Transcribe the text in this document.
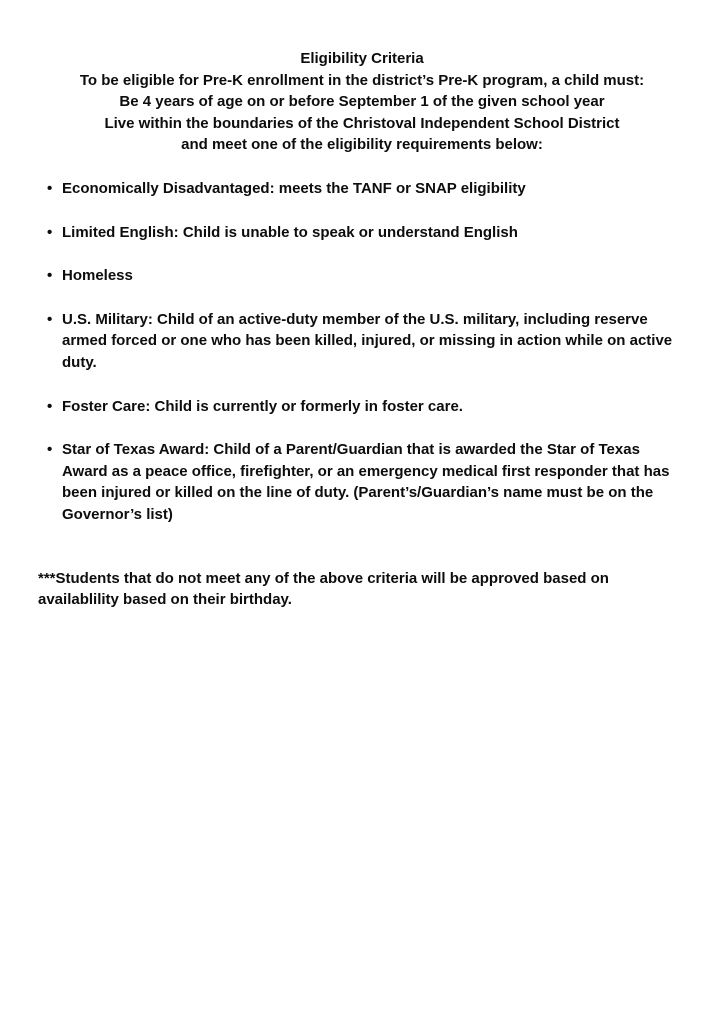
Eligibility Criteria
To be eligible for Pre-K enrollment in the district’s Pre-K program, a child must:
Be 4 years of age on or before September 1 of the given school year
Live within the boundaries of the Christoval Independent School District
and meet one of the eligibility requirements below:
• Economically Disadvantaged: meets the TANF or SNAP eligibility
• Limited English: Child is unable to speak or understand English
• Homeless
• U.S. Military: Child of an active-duty member of the U.S. military, including reserve armed forced or one who has been killed, injured, or missing in action while on active duty.
• Foster Care: Child is currently or formerly in foster care.
• Star of Texas Award: Child of a Parent/Guardian that is awarded the Star of Texas Award as a peace office, firefighter, or an emergency medical first responder that has been injured or killed on the line of duty. (Parent’s/Guardian’s name must be on the Governor’s list)

***Students that do not meet any of the above criteria will be approved based on availablility based on their birthday.
